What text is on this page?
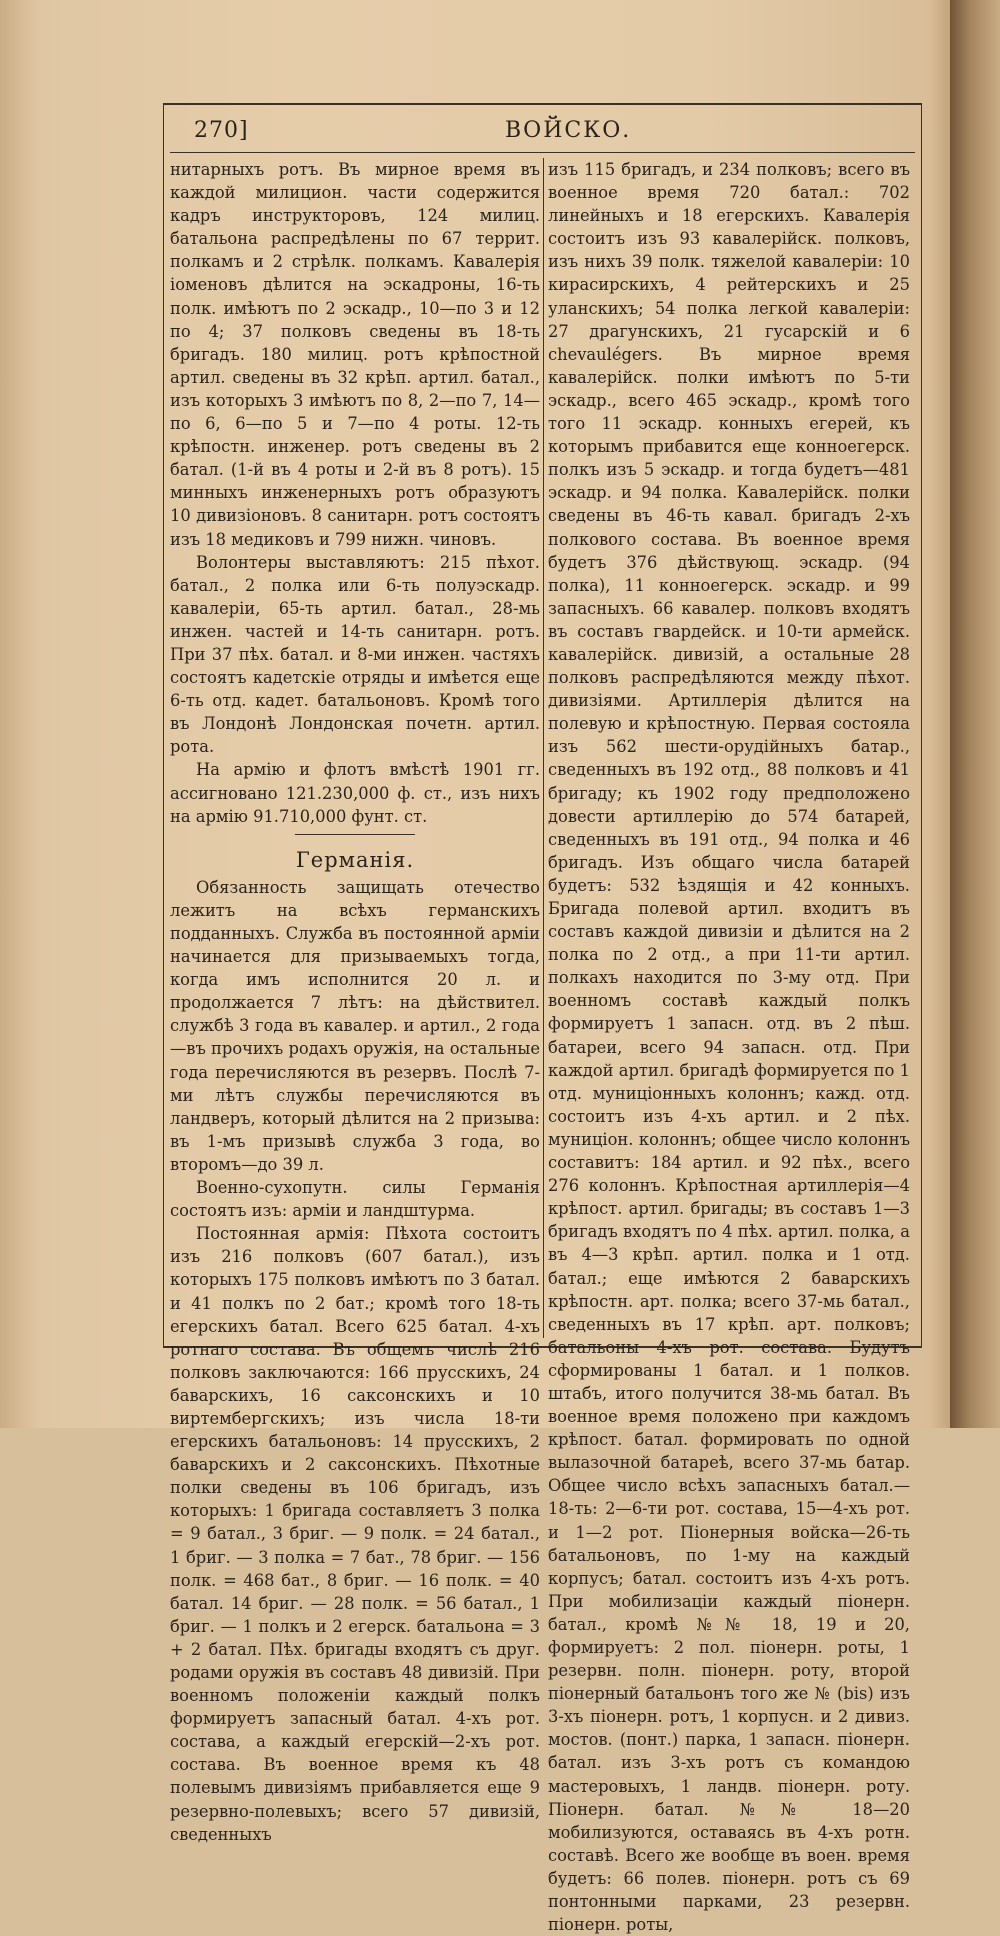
270]	ВОЙСКО.

нитарныхъ ротъ. Въ мирное время въ каждой милицион. части содержится кадръ инструкторовъ, 124 милиц. батальона распредѣлены по 67 террит. полкамъ и 2 стрѣлк. полкамъ. Кавалерія іоменовъ дѣлится на эскадроны, 16-ть полк. имѣютъ по 2 эскадр., 10—по 3 и 12 по 4; 37 полковъ сведены въ 18-ть бригадъ. 180 милиц. ротъ крѣпостной артил. сведены въ 32 крѣп. артил. батал., изъ которыхъ 3 имѣютъ по 8, 2—по 7, 14—по 6, 6—по 5 и 7—по 4 роты. 12-ть крѣпостн. инженер. ротъ сведены въ 2 батал. (1-й въ 4 роты и 2-й въ 8 ротъ). 15 минныхъ инженерныхъ ротъ образуютъ 10 дивизіоновъ. 8 санитарн. ротъ состоятъ изъ 18 медиковъ и 799 нижн. чиновъ.

Волонтеры выставляютъ: 215 пѣхот. батал., 2 полка или 6-ть полуэскадр. кавалеріи, 65-ть артил. батал., 28-мь инжен. частей и 14-ть санитарн. ротъ. При 37 пѣх. батал. и 8-ми инжен. частяхъ состоятъ кадетскіе отряды и имѣется еще 6-ть отд. кадет. батальоновъ. Кромѣ того въ Лондонѣ Лондонская почетн. артил. рота.

На армію и флотъ вмѣстѣ 1901 гг. ассигновано 121.230,000 ф. ст., изъ нихъ на армію 91.710,000 фунт. ст.

Германія.

Обязанность защищать отечество лежитъ на всѣхъ германскихъ подданныхъ. Служба въ постоянной арміи начинается для призываемыхъ тогда, когда имъ исполнится 20 л. и продолжается 7 лѣтъ: на дѣйствител. службѣ 3 года въ кавалер. и артил., 2 года—въ прочихъ родахъ оружія, на остальные года перечисляются въ резервъ. Послѣ 7-ми лѣтъ службы перечисляются въ ландверъ, который дѣлится на 2 призыва: въ 1-мъ призывѣ служба 3 года, во второмъ—до 39 л.

Военно-сухопутн. силы Германія состоятъ изъ: арміи и ландштурма.

Постоянная армія: Пѣхота состоитъ изъ 216 полковъ (607 батал.), изъ которыхъ 175 полковъ имѣютъ по 3 батал. и 41 полкъ по 2 бат.; кромѣ того 18-ть егерскихъ батал. Всего 625 батал. 4-хъ ротнаго состава. Въ общемъ числѣ 216 полковъ заключаются: 166 прусскихъ, 24 баварскихъ, 16 саксонскихъ и 10 виртембергскихъ; изъ числа 18-ти егерскихъ батальоновъ: 14 прусскихъ, 2 баварскихъ и 2 саксонскихъ. Пѣхотные полки сведены въ 106 бригадъ, изъ которыхъ: 1 бригада составляетъ 3 полка = 9 батал., 3 бриг. — 9 полк. = 24 батал., 1 бриг. — 3 полка = 7 бат., 78 бриг. — 156 полк. = 468 бат., 8 бриг. — 16 полк. = 40 батал. 14 бриг. — 28 полк. = 56 батал., 1 бриг. — 1 полкъ и 2 егерск. батальона = 3 + 2 батал. Пѣх. бригады входятъ съ друг. родами оружія въ составъ 48 дивизій. При военномъ положеніи каждый полкъ формируетъ запасный батал. 4-хъ рот. состава, а каждый егерскій—2-хъ рот. состава. Въ военное время къ 48 полевымъ дивизіямъ прибавляется еще 9 резервно-полевыхъ; всего 57 дивизій, сведенныхъ

изъ 115 бригадъ, и 234 полковъ; всего въ военное время 720 батал.: 702 линейныхъ и 18 егерскихъ. Кавалерія состоитъ изъ 93 кавалерійск. полковъ, изъ нихъ 39 полк. тяжелой кавалеріи: 10 кирасирскихъ, 4 рейтерскихъ и 25 уланскихъ; 54 полка легкой кавалеріи: 27 драгунскихъ, 21 гусарскій и 6 chevaulégers. Въ мирное время кавалерійск. полки имѣютъ по 5-ти эскадр., всего 465 эскадр., кромѣ того того 11 эскадр. конныхъ егерей, къ которымъ прибавится еще конноегерск. полкъ изъ 5 эскадр. и тогда будетъ—481 эскадр. и 94 полка. Кавалерійск. полки сведены въ 46-ть кавал. бригадъ 2-хъ полкового состава. Въ военное время будетъ 376 дѣйствующ. эскадр. (94 полка), 11 конноегерск. эскадр. и 99 запасныхъ. 66 кавалер. полковъ входятъ въ составъ гвардейск. и 10-ти армейск. кавалерійск. дивизій, а остальные 28 полковъ распредѣляются между пѣхот. дивизіями. Артиллерія дѣлится на полевую и крѣпостную. Первая состояла изъ 562 шести-орудійныхъ батар., сведенныхъ въ 192 отд., 88 полковъ и 41 бригаду; къ 1902 году предположено довести артиллерію до 574 батарей, сведенныхъ въ 191 отд., 94 полка и 46 бригадъ. Изъ общаго числа батарей будетъ: 532 ѣздящія и 42 конныхъ. Бригада полевой артил. входитъ въ составъ каждой дивизіи и дѣлится на 2 полка по 2 отд., а при 11-ти артил. полкахъ находится по 3-му отд. При военномъ составѣ каждый полкъ формируетъ 1 запасн. отд. въ 2 пѣш. батареи, всего 94 запасн. отд. При каждой артил. бригадѣ формируется по 1 отд. муниціонныхъ колоннъ; кажд. отд. состоитъ изъ 4-хъ артил. и 2 пѣх. муниціон. колоннъ; общее число колоннъ составитъ: 184 артил. и 92 пѣх., всего 276 колоннъ. Крѣпостная артиллерія—4 крѣпост. артил. бригады; въ составъ 1—3 бригадъ входятъ по 4 пѣх. артил. полка, а въ 4—3 крѣп. артил. полка и 1 отд. батал.; еще имѣются 2 баварскихъ крѣпостн. арт. полка; всего 37-мь батал., сведенныхъ въ 17 крѣп. арт. полковъ; батальоны 4-хъ рот. состава. Будутъ сформированы 1 батал. и 1 полков. штабъ, итого получится 38-мь батал. Въ военное время положено при каждомъ крѣпост. батал. формировать по одной вылазочной батареѣ, всего 37-мь батар. Общее число всѣхъ запасныхъ батал.—18-ть: 2—6-ти рот. состава, 15—4-хъ рот. и 1—2 рот. Піонерныя войска—26-ть батальоновъ, по 1-му на каждый корпусъ; батал. состоитъ изъ 4-хъ ротъ. При мобилизаціи каждый піонерн. батал., кромѣ №№ 18, 19 и 20, формируетъ: 2 пол. піонерн. роты, 1 резервн. полн. піонерн. роту, второй піонерный батальонъ того же № (bis) изъ 3-хъ піонерн. ротъ, 1 корпусн. и 2 дивиз. мостов. (понт.) парка, 1 запасн. піонерн. батал. изъ 3-хъ ротъ съ командою мастеровыхъ, 1 ландв. піонерн. роту. Піонерн. батал. №№ 18—20 мобилизуются, оставаясь въ 4-хъ ротн. составѣ. Всего же вообще въ воен. время будетъ: 66 полев. піонерн. ротъ съ 69 понтонными парками, 23 резервн. піонерн. роты,
